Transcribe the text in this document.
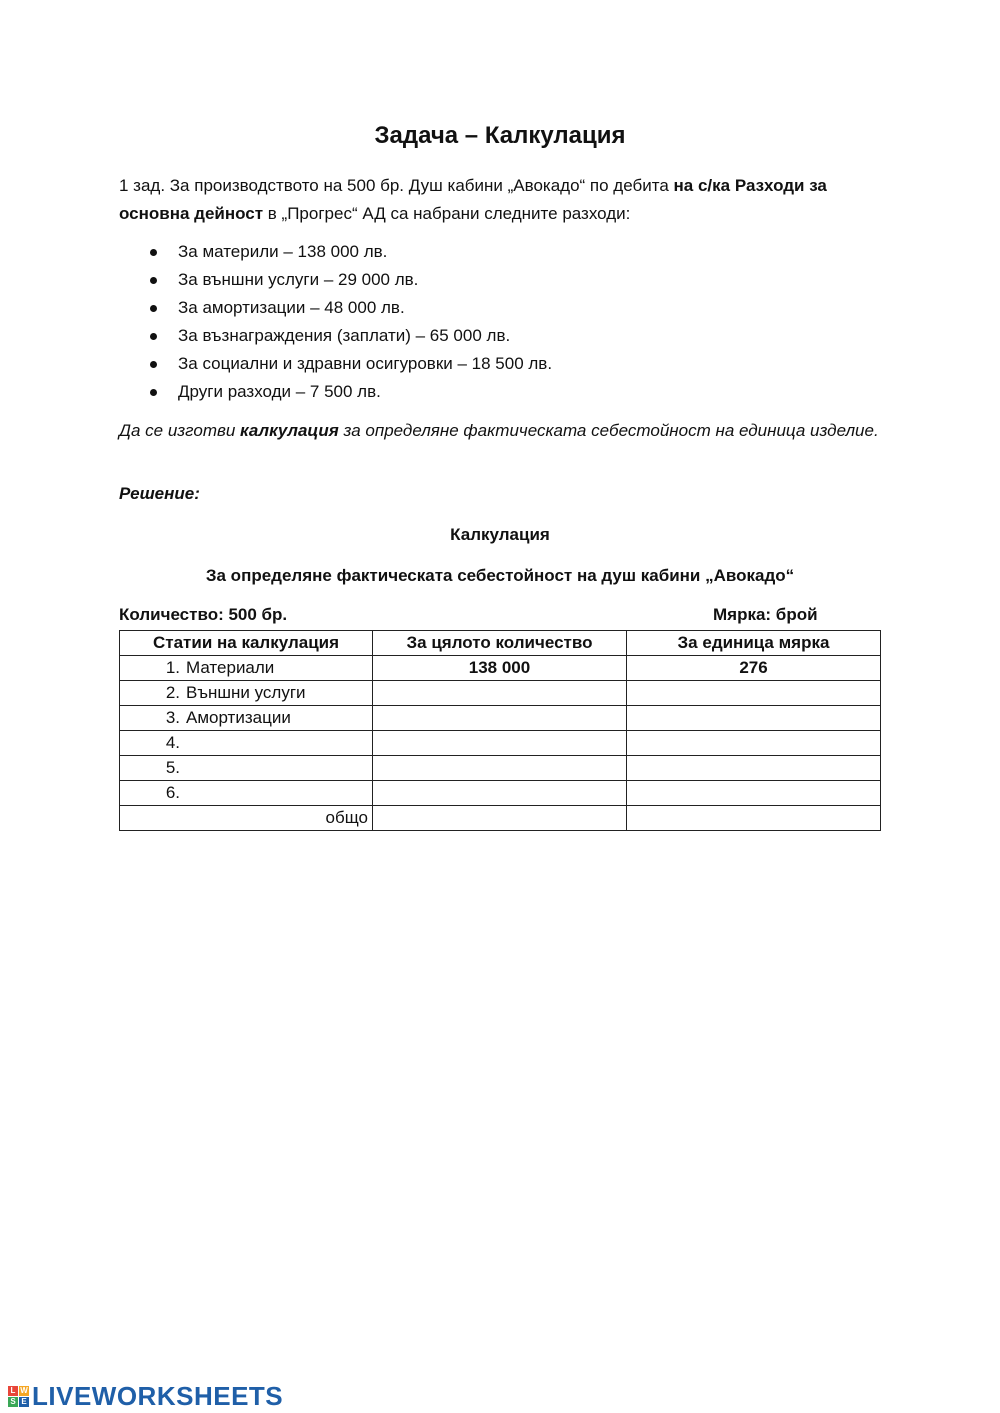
Задача – Калкулация

1 зад. За производството на 500 бр. Душ кабини „Авокадо“ по дебита на с/ка Разходи за основна дейност в „Прогрес“ АД са набрани следните разходи:

За материли – 138 000 лв.
За външни услуги – 29 000 лв.
За амортизации – 48 000 лв.
За възнаграждения (заплати) – 65 000 лв.
За социални и здравни осигуровки – 18 500 лв.
Други разходи – 7 500 лв.

Да се изготви калкулация за определяне фактическата себестойност на единица изделие.

Решение:
Калкулация
За определяне фактическата себестойност на душ кабини „Авокадо“
Количество: 500 бр.	Мярка: брой
Статии на калкулация	За цялото количество	За единица мярка
1. Материали	138 000	276
2. Външни услуги		
3. Амортизации		
4.		
5.		
6.		
общо		
L W
S E LIVEWORKSHEETS
